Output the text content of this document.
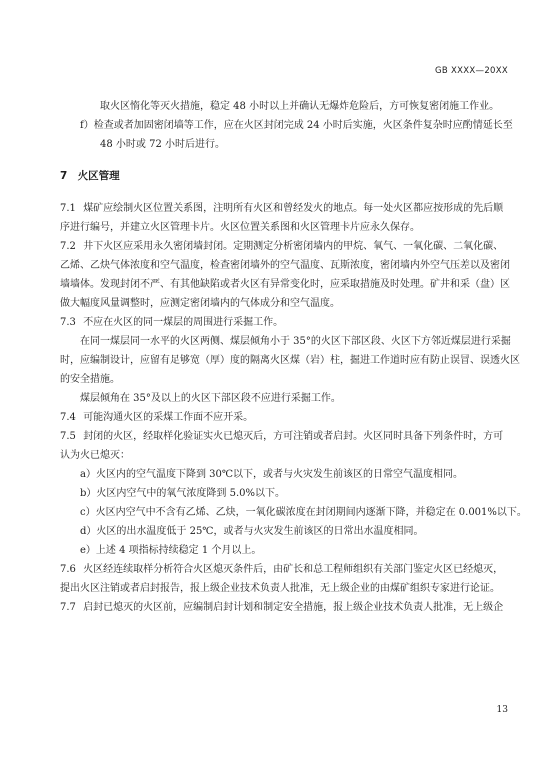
GB XXXX—20XX
取火区惰化等灭火措施，稳定 48 小时以上并确认无爆炸危险后，方可恢复密闭施工作业。
f）检查或者加固密闭墙等工作，应在火区封闭完成 24 小时后实施，火区条件复杂时应酌情延长至
48 小时或 72 小时后进行。
7 火区管理
7.1 煤矿应绘制火区位置关系图，注明所有火区和曾经发火的地点。每一处火区都应按形成的先后顺
序进行编号，并建立火区管理卡片。火区位置关系图和火区管理卡片应永久保存。
7.2 井下火区应采用永久密闭墙封闭。定期测定分析密闭墙内的甲烷、氧气、一氧化碳、二氧化碳、
乙烯、乙炔气体浓度和空气温度，检查密闭墙外的空气温度、瓦斯浓度，密闭墙内外空气压差以及密闭
墙墙体。发现封闭不严、有其他缺陷或者火区有异常变化时，应采取措施及时处理。矿井和采（盘）区
做大幅度风量调整时，应测定密闭墙内的气体成分和空气温度。
7.3 不应在火区的同一煤层的周围进行采掘工作。
在同一煤层同一水平的火区两侧、煤层倾角小于 35°的火区下部区段、火区下方邻近煤层进行采掘
时，应编制设计，应留有足够宽（厚）度的隔离火区煤（岩）柱，掘进工作道时应有防止误冒、误透火区
的安全措施。
煤层倾角在 35°及以上的火区下部区段不应进行采掘工作。
7.4 可能沟通火区的采煤工作面不应开采。
7.5 封闭的火区，经取样化验证实火已熄灭后，方可注销或者启封。火区同时具备下列条件时，方可
认为火已熄灭：
a）火区内的空气温度下降到 30℃以下，或者与火灾发生前该区的日常空气温度相同。
b）火区内空气中的氧气浓度降到 5.0%以下。
c）火区内空气中不含有乙烯、乙炔，一氧化碳浓度在封闭期间内逐渐下降，并稳定在 0.001%以下。
d）火区的出水温度低于 25℃，或者与火灾发生前该区的日常出水温度相同。
e）上述 4 项指标持续稳定 1 个月以上。
7.6 火区经连续取样分析符合火区熄灭条件后，由矿长和总工程师组织有关部门鉴定火区已经熄灭，
提出火区注销或者启封报告，报上级企业技术负责人批准，无上级企业的由煤矿组织专家进行论证。
7.7 启封已熄灭的火区前，应编制启封计划和制定安全措施，报上级企业技术负责人批准，无上级企
13
